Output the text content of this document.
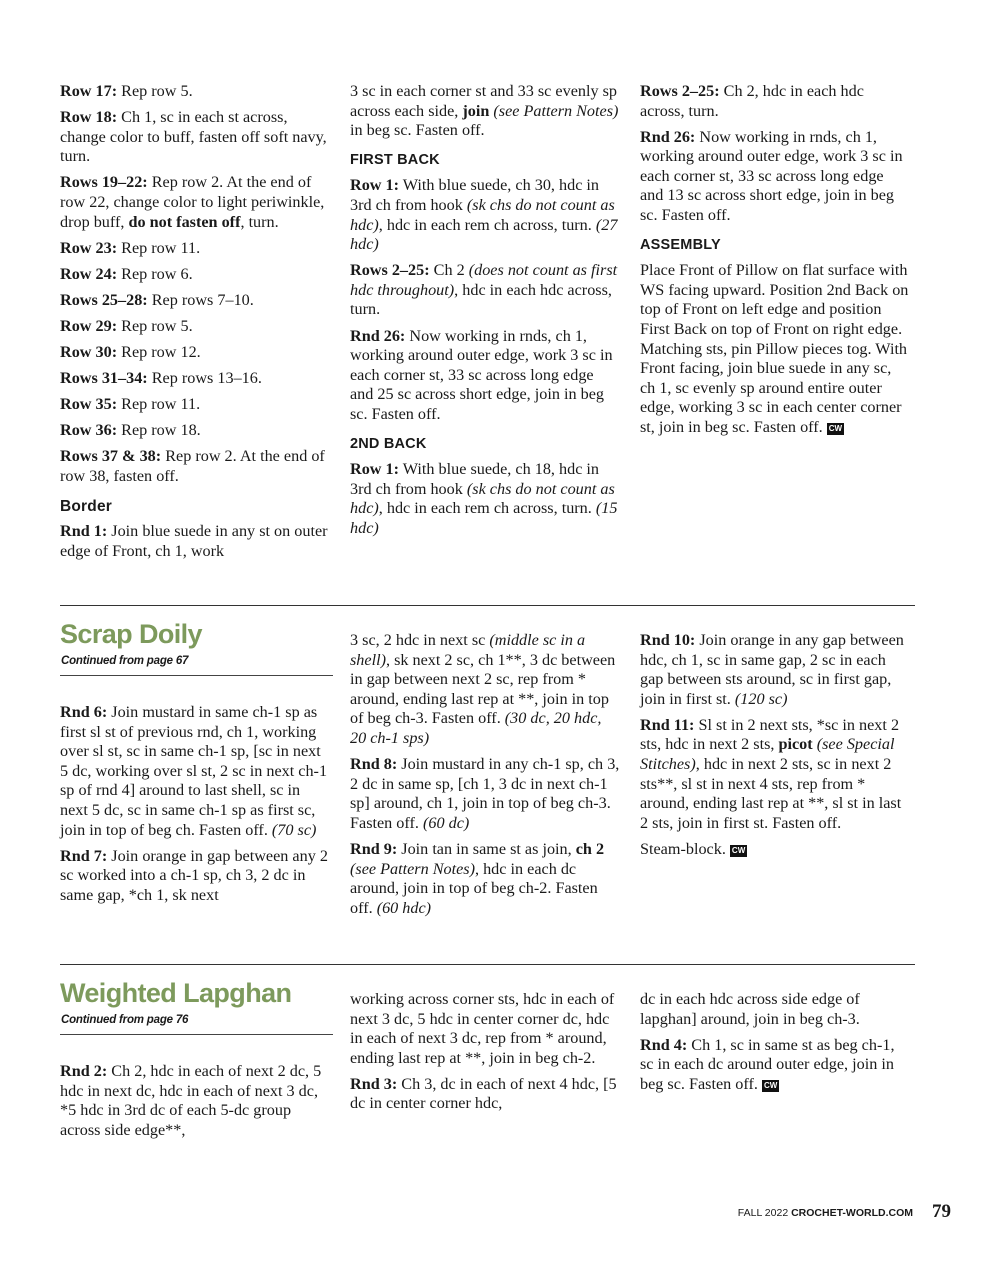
Row 17: Rep row 5.

Row 18: Ch 1, sc in each st across, change color to buff, fasten off soft navy, turn.

Rows 19–22: Rep row 2. At the end of row 22, change color to light periwinkle, drop buff, do not fasten off, turn.

Row 23: Rep row 11.

Row 24: Rep row 6.

Rows 25–28: Rep rows 7–10.

Row 29: Rep row 5.

Row 30: Rep row 12.

Rows 31–34: Rep rows 13–16.

Row 35: Rep row 11.

Row 36: Rep row 18.

Rows 37 & 38: Rep row 2. At the end of row 38, fasten off.

Border

Rnd 1: Join blue suede in any st on outer edge of Front, ch 1, work

3 sc in each corner st and 33 sc evenly sp across each side, join (see Pattern Notes) in beg sc. Fasten off.

FIRST BACK

Row 1: With blue suede, ch 30, hdc in 3rd ch from hook (sk chs do not count as hdc), hdc in each rem ch across, turn. (27 hdc)

Rows 2–25: Ch 2 (does not count as first hdc throughout), hdc in each hdc across, turn.

Rnd 26: Now working in rnds, ch 1, working around outer edge, work 3 sc in each corner st, 33 sc across long edge and 25 sc across short edge, join in beg sc. Fasten off.

2ND BACK

Row 1: With blue suede, ch 18, hdc in 3rd ch from hook (sk chs do not count as hdc), hdc in each rem ch across, turn. (15 hdc)

Rows 2–25: Ch 2, hdc in each hdc across, turn.

Rnd 26: Now working in rnds, ch 1, working around outer edge, work 3 sc in each corner st, 33 sc across long edge and 13 sc across short edge, join in beg sc. Fasten off.

ASSEMBLY

Place Front of Pillow on flat surface with WS facing upward. Position 2nd Back on top of Front on left edge and position First Back on top of Front on right edge. Matching sts, pin Pillow pieces tog. With Front facing, join blue suede in any sc, ch 1, sc evenly sp around entire outer edge, working 3 sc in each center corner st, join in beg sc. Fasten off. CW

Scrap Doily
Continued from page 67

Rnd 6: Join mustard in same ch-1 sp as first sl st of previous rnd, ch 1, working over sl st, sc in same ch-1 sp, [sc in next 5 dc, working over sl st, 2 sc in next ch-1 sp of rnd 4] around to last shell, sc in next 5 dc, sc in same ch-1 sp as first sc, join in top of beg ch. Fasten off. (70 sc)

Rnd 7: Join orange in gap between any 2 sc worked into a ch-1 sp, ch 3, 2 dc in same gap, *ch 1, sk next

3 sc, 2 hdc in next sc (middle sc in a shell), sk next 2 sc, ch 1**, 3 dc between in gap between next 2 sc, rep from * around, ending last rep at **, join in top of beg ch-3. Fasten off. (30 dc, 20 hdc, 20 ch-1 sps)

Rnd 8: Join mustard in any ch-1 sp, ch 3, 2 dc in same sp, [ch 1, 3 dc in next ch-1 sp] around, ch 1, join in top of beg ch-3. Fasten off. (60 dc)

Rnd 9: Join tan in same st as join, ch 2 (see Pattern Notes), hdc in each dc around, join in top of beg ch-2. Fasten off. (60 hdc)

Rnd 10: Join orange in any gap between hdc, ch 1, sc in same gap, 2 sc in each gap between sts around, sc in first gap, join in first st. (120 sc)

Rnd 11: Sl st in 2 next sts, *sc in next 2 sts, hdc in next 2 sts, picot (see Special Stitches), hdc in next 2 sts, sc in next 2 sts**, sl st in next 4 sts, rep from * around, ending last rep at **, sl st in last 2 sts, join in first st. Fasten off.

Steam-block. CW

Weighted Lapghan
Continued from page 76

Rnd 2: Ch 2, hdc in each of next 2 dc, 5 hdc in next dc, hdc in each of next 3 dc, *5 hdc in 3rd dc of each 5-dc group across side edge**,

working across corner sts, hdc in each of next 3 dc, 5 hdc in center corner dc, hdc in each of next 3 dc, rep from * around, ending last rep at **, join in beg ch-2.

Rnd 3: Ch 3, dc in each of next 4 hdc, [5 dc in center corner hdc,

dc in each hdc across side edge of lapghan] around, join in beg ch-3.

Rnd 4: Ch 1, sc in same st as beg ch-1, sc in each dc around outer edge, join in beg sc. Fasten off. CW

FALL 2022 CROCHET-WORLD.COM 79
